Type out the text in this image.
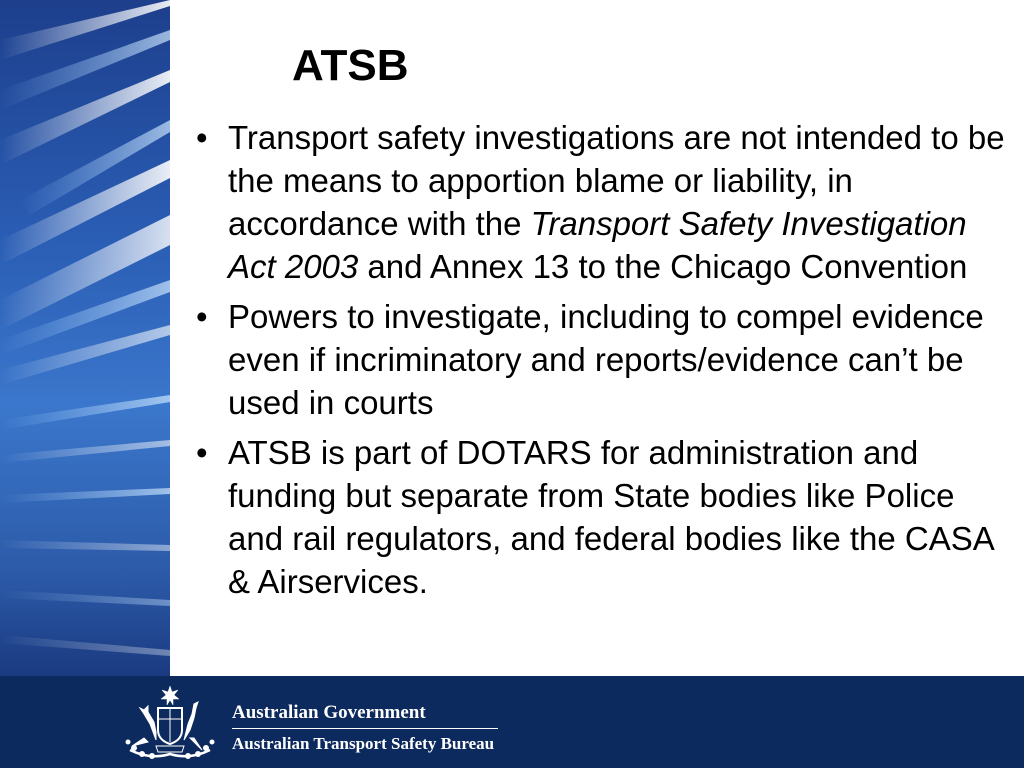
ATSB
• Transport safety investigations are not intended to be the means to apportion blame or liability, in accordance with the Transport Safety Investigation Act 2003 and Annex 13 to the Chicago Convention
• Powers to investigate, including to compel evidence even if incriminatory and reports/evidence can’t be used in courts
• ATSB is part of DOTARS for administration and funding but separate from State bodies like Police and rail regulators, and federal bodies like the CASA & Airservices.
Australian Government
Australian Transport Safety Bureau
